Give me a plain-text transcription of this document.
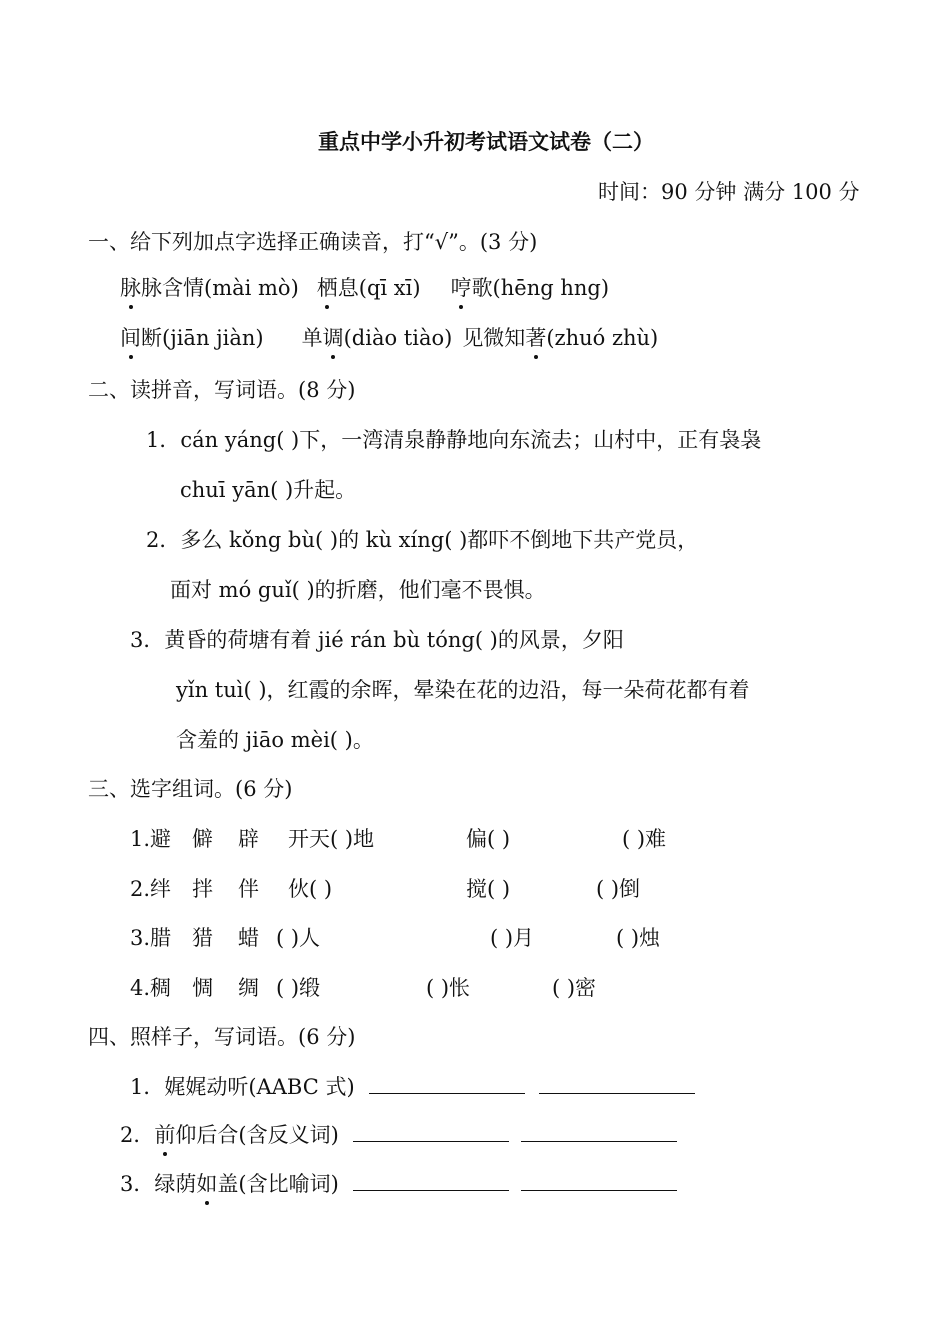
重点中学小升初考试语文试卷（二）
时间：90 分钟 满分 100 分
一、给下列加点字选择正确读音，打“√”。(3 分)
脉脉含情(mài mò) 栖息(qī xī) 哼歌(hēng hng)
间断(jiān jiàn) 单调(diào tiào) 见微知著(zhuó zhù)
二、读拼音，写词语。(8 分)
1．cán yáng( )下，一湾清泉静静地向东流去；山村中，正有袅袅
chuī yān( )升起。
2．多么 kǒng bù( )的 kù xíng( )都吓不倒地下共产党员，
面对 mó guǐ( )的折磨，他们毫不畏惧。
3．黄昏的荷塘有着 jié rán bù tóng( )的风景，夕阳
yǐn tuì( )，红霞的余晖，晕染在花的边沿，每一朵荷花都有着
含羞的 jiāo mèi( )。
三、选字组词。(6 分)
1.避 僻 辟 开天( )地	偏( )	( )难
2.绊 拌 伴 伙( )	搅( )	( )倒
3.腊 猎 蜡 ( )人	( )月	( )烛
4.稠 惆 绸 ( )缎	( )怅	( )密
四、照样子，写词语。(6 分)
1．娓娓动听(AABC 式)
2．前仰后合(含反义词)
3．绿荫如盖(含比喻词)
